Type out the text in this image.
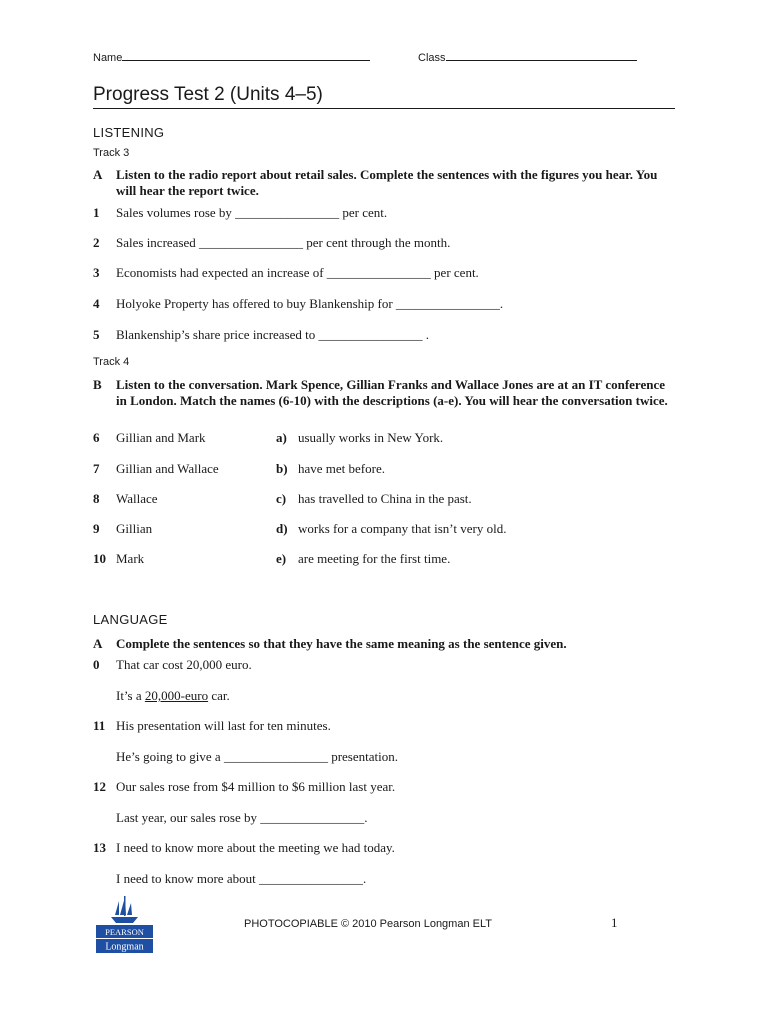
Name	Class
Progress Test 2 (Units 4–5)
LISTENING
Track 3
A Listen to the radio report about retail sales. Complete the sentences with the figures you hear. You will hear the report twice.
1 Sales volumes rose by ________________ per cent.
2 Sales increased ________________ per cent through the month.
3 Economists had expected an increase of ________________ per cent.
4 Holyoke Property has offered to buy Blankenship for ________________.
5 Blankenship’s share price increased to ________________ .
Track 4
B Listen to the conversation. Mark Spence, Gillian Franks and Wallace Jones are at an IT conference in London. Match the names (6-10) with the descriptions (a-e). You will hear the conversation twice.
6 Gillian and Mark	a) usually works in New York.
7 Gillian and Wallace	b) have met before.
8 Wallace	c) has travelled to China in the past.
9 Gillian	d) works for a company that isn’t very old.
10 Mark	e) are meeting for the first time.
LANGUAGE
A Complete the sentences so that they have the same meaning as the sentence given.
0 That car cost 20,000 euro.
It’s a 20,000-euro car.
11 His presentation will last for ten minutes.
He’s going to give a ________________ presentation.
12 Our sales rose from $4 million to $6 million last year.
Last year, our sales rose by ________________.
13 I need to know more about the meeting we had today.
I need to know more about ________________.
PEARSON
Longman
PHOTOCOPIABLE © 2010 Pearson Longman ELT	1
